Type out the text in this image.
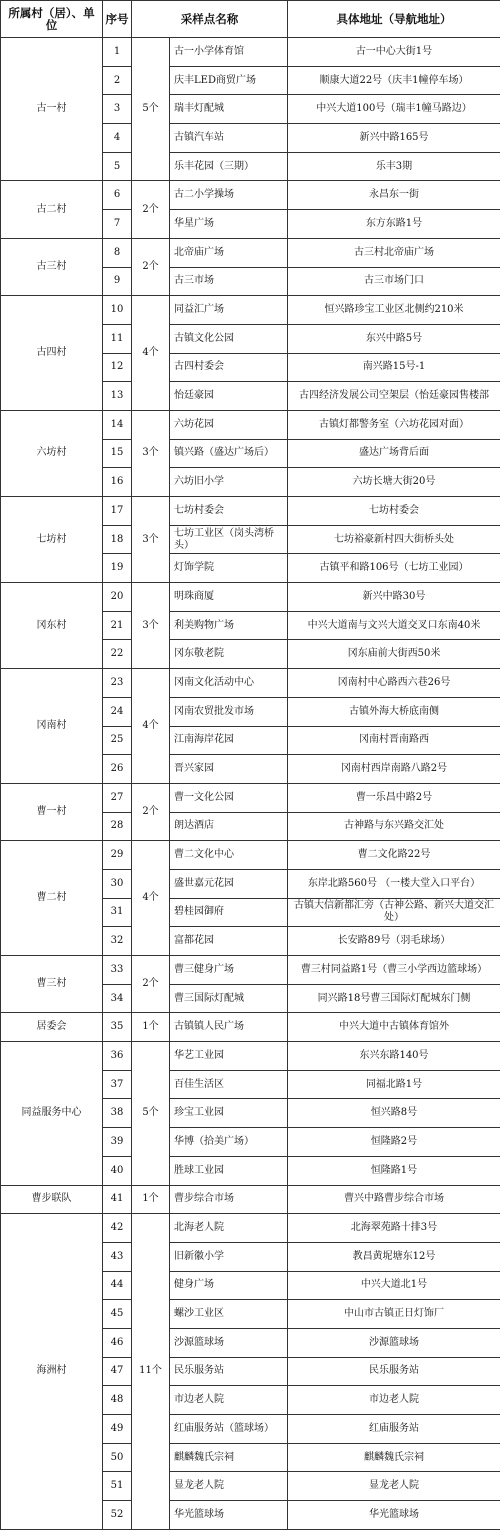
所属村（居）、单位	序号	采样点名称		具体地址（导航地址）
古一村	1	5个	古一小学体育馆	古一中心大街1号
	2		庆丰LED商贸广场	顺康大道22号（庆丰1幢停车场）
	3		瑞丰灯配城	中兴大道100号（瑞丰1幢马路边）
	4		古镇汽车站	新兴中路165号
	5		乐丰花园（三期）	乐丰3期
古二村	6	2个	古二小学操场	永昌东一街
	7		华星广场	东方东路1号
古三村	8	2个	北帝庙广场	古三村北帝庙广场
	9		古三市场	古三市场门口
古四村	10	4个	同益汇广场	恒兴路珍宝工业区北侧约210米
	11		古镇文化公园	东兴中路5号
	12		古四村委会	南兴路15号-1
	13		怡廷豪园	古四经济发展公司空架层（怡廷豪园售楼部
六坊村	14	3个	六坊花园	古镇灯都警务室（六坊花园对面）
	15		镇兴路（盛达广场后）	盛达广场背后面
	16		六坊旧小学	六坊长塘大街20号
七坊村	17	3个	七坊村委会	七坊村委会
	18		七坊工业区（岗头湾桥头）	七坊裕豪新村四大街桥头处
	19		灯饰学院	古镇平和路106号（七坊工业园）
冈东村	20	3个	明珠商厦	新兴中路30号
	21		利美购物广场	中兴大道南与文兴大道交叉口东南40米
	22		冈东敬老院	冈东庙前大街西50米
冈南村	23	4个	冈南文化活动中心	冈南村中心路西六巷26号
	24		冈南农贸批发市场	古镇外海大桥底南侧
	25		江南海岸花园	冈南村晋南路西
	26		晋兴家园	冈南村西岸南路八路2号
曹一村	27	2个	曹一文化公园	曹一乐昌中路2号
	28		朗达酒店	古神路与东兴路交汇处
曹二村	29	4个	曹二文化中心	曹二文化路22号
	30		盛世嘉元花园	东岸北路560号 （一楼大堂入口平台）
	31		碧桂园御府	古镇大信新都汇旁（古神公路、新兴大道交汇处）
	32		富都花园	长安路89号（羽毛球场）
曹三村	33	2个	曹三健身广场	曹三村同益路1号（曹三小学西边篮球场）
	34		曹三国际灯配城	同兴路18号曹三国际灯配城东门侧
居委会	35	1个	古镇镇人民广场	中兴大道中古镇体育馆外
同益服务中心	36	5个	华艺工业园	东兴东路140号
	37		百佳生活区	同福北路1号
	38		珍宝工业园	恒兴路8号
	39		华博（拾美广场）	恒隆路2号
	40		胜球工业园	恒隆路1号
曹步联队	41	1个	曹步综合市场	曹兴中路曹步综合市场
海洲村	42	11个	北海老人院	北海翠苑路十排3号
	43		旧新徽小学	教昌黄坭塘东12号
	44		健身广场	中兴大道北1号
	45		螺沙工业区	中山市古镇正日灯饰厂
	46		沙源篮球场	沙源篮球场
	47		民乐服务站	民乐服务站
	48		市边老人院	市边老人院
	49		红庙服务站（篮球场）	红庙服务站
	50		麒麟魏氏宗祠	麒麟魏氏宗祠
	51		显龙老人院	显龙老人院
	52		华光篮球场	华光篮球场
